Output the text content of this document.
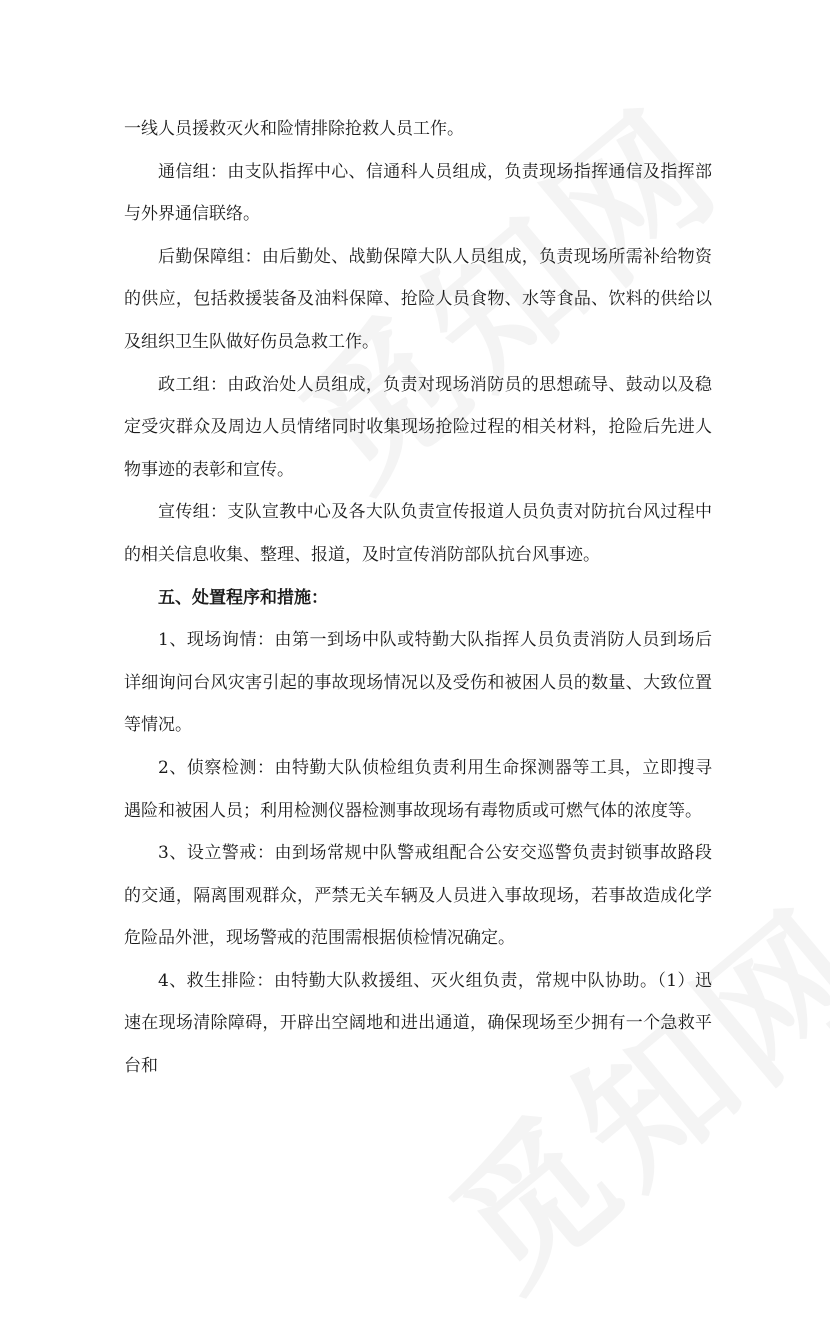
一线人员援救灭火和险情排除抢救人员工作。

通信组：由支队指挥中心、信通科人员组成，负责现场指挥通信及指挥部与外界通信联络。

后勤保障组：由后勤处、战勤保障大队人员组成，负责现场所需补给物资的供应，包括救援装备及油料保障、抢险人员食物、水等食品、饮料的供给以及组织卫生队做好伤员急救工作。

政工组：由政治处人员组成，负责对现场消防员的思想疏导、鼓动以及稳定受灾群众及周边人员情绪同时收集现场抢险过程的相关材料，抢险后先进人物事迹的表彰和宣传。

宣传组：支队宣教中心及各大队负责宣传报道人员负责对防抗台风过程中的相关信息收集、整理、报道，及时宣传消防部队抗台风事迹。

五、处置程序和措施：

1、现场询情：由第一到场中队或特勤大队指挥人员负责消防人员到场后详细询问台风灾害引起的事故现场情况以及受伤和被困人员的数量、大致位置等情况。

2、侦察检测：由特勤大队侦检组负责利用生命探测器等工具，立即搜寻遇险和被困人员；利用检测仪器检测事故现场有毒物质或可燃气体的浓度等。

3、设立警戒：由到场常规中队警戒组配合公安交巡警负责封锁事故路段的交通，隔离围观群众，严禁无关车辆及人员进入事故现场，若事故造成化学危险品外泄，现场警戒的范围需根据侦检情况确定。

4、救生排险：由特勤大队救援组、灭火组负责，常规中队协助。（1）迅速在现场清除障碍，开辟出空阔地和进出通道，确保现场至少拥有一个急救平台和
